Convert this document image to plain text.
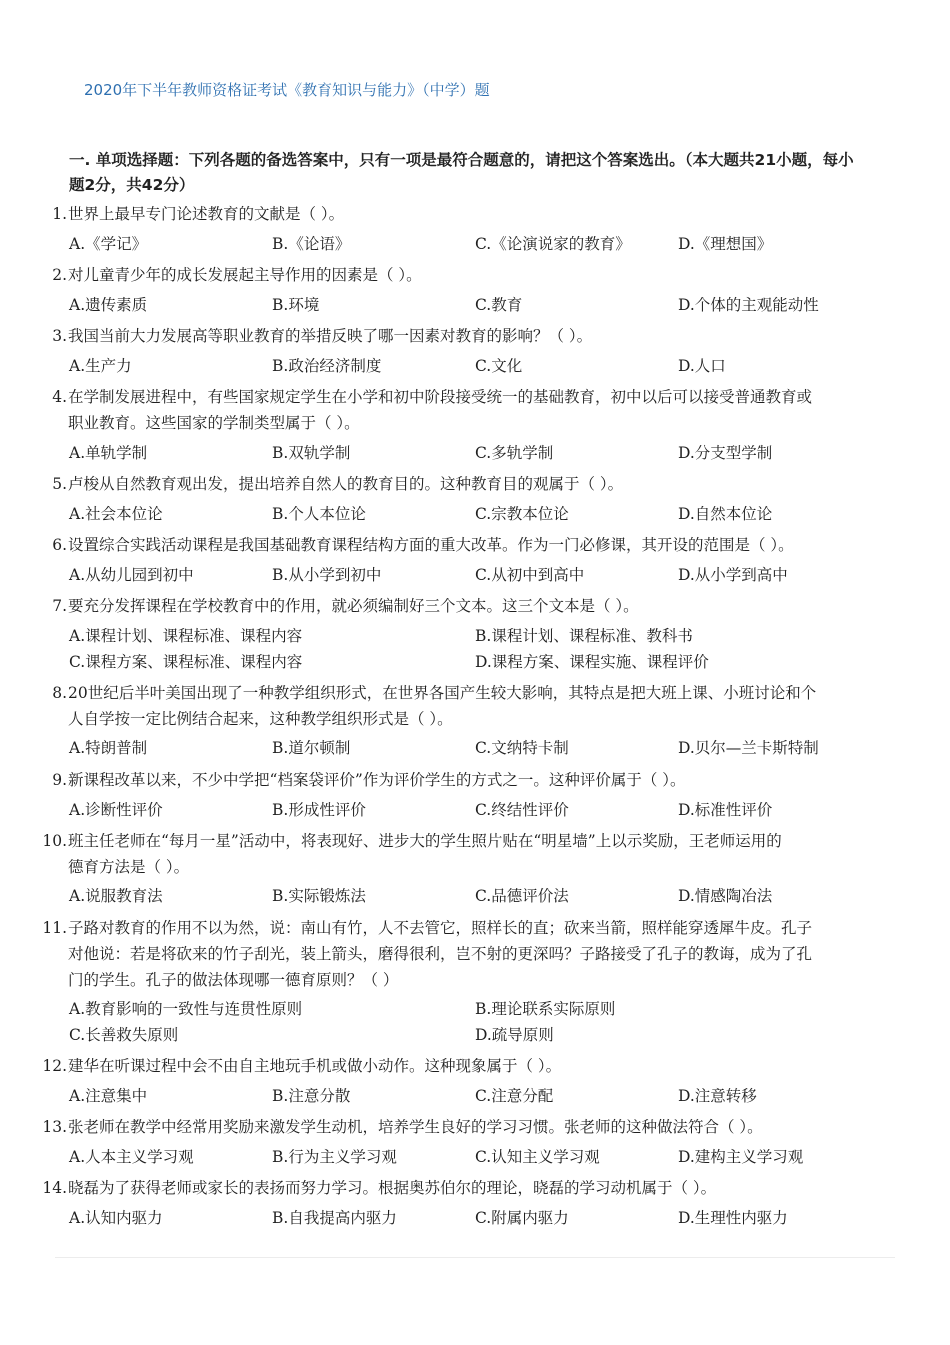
2020年下半年教师资格证考试《教育知识与能力》（中学）题
一. 单项选择题：下列各题的备选答案中，只有一项是最符合题意的，请把这个答案选出。（本大题共21小题，每小题2分，共42分）
1. 世界上最早专门论述教育的文献是（ ）。
A.《学记》	B.《论语》	C.《论演说家的教育》	D.《理想国》
2. 对儿童青少年的成长发展起主导作用的因素是（ ）。
A.遗传素质	B.环境	C.教育	D.个体的主观能动性
3. 我国当前大力发展高等职业教育的举措反映了哪一因素对教育的影响？（ ）。
A.生产力	B.政治经济制度	C.文化	D.人口
4. 在学制发展进程中，有些国家规定学生在小学和初中阶段接受统一的基础教育，初中以后可以接受普通教育或
职业教育。这些国家的学制类型属于（ ）。
A.单轨学制	B.双轨学制	C.多轨学制	D.分支型学制
5. 卢梭从自然教育观出发，提出培养自然人的教育目的。这种教育目的观属于（ ）。
A.社会本位论	B.个人本位论	C.宗教本位论	D.自然本位论
6. 设置综合实践活动课程是我国基础教育课程结构方面的重大改革。作为一门必修课，其开设的范围是（ ）。
A.从幼儿园到初中	B.从小学到初中	C.从初中到高中	D.从小学到高中
7. 要充分发挥课程在学校教育中的作用，就必须编制好三个文本。这三个文本是（ ）。
A.课程计划、课程标准、课程内容	B.课程计划、课程标准、教科书
C.课程方案、课程标准、课程内容	D.课程方案、课程实施、课程评价
8. 20世纪后半叶美国出现了一种教学组织形式，在世界各国产生较大影响，其特点是把大班上课、小班讨论和个
人自学按一定比例结合起来，这种教学组织形式是（ ）。
A.特朗普制	B.道尔顿制	C.文纳特卡制	D.贝尔—兰卡斯特制
9. 新课程改革以来，不少中学把“档案袋评价”作为评价学生的方式之一。这种评价属于（ ）。
A.诊断性评价	B.形成性评价	C.终结性评价	D.标准性评价
10. 班主任老师在“每月一星”活动中，将表现好、进步大的学生照片贴在“明星墙”上以示奖励，王老师运用的
德育方法是（ ）。
A.说服教育法	B.实际锻炼法	C.品德评价法	D.情感陶冶法
11. 子路对教育的作用不以为然，说：南山有竹，人不去管它，照样长的直；砍来当箭，照样能穿透犀牛皮。孔子
对他说：若是将砍来的竹子刮光，装上箭头，磨得很利，岂不射的更深吗？子路接受了孔子的教诲，成为了孔
门的学生。孔子的做法体现哪一德育原则？（ ）
A.教育影响的一致性与连贯性原则	B.理论联系实际原则
C.长善救失原则	D.疏导原则
12. 建华在听课过程中会不由自主地玩手机或做小动作。这种现象属于（ ）。
A.注意集中	B.注意分散	C.注意分配	D.注意转移
13. 张老师在教学中经常用奖励来激发学生动机，培养学生良好的学习习惯。张老师的这种做法符合（ ）。
A.人本主义学习观	B.行为主义学习观	C.认知主义学习观	D.建构主义学习观
14. 晓磊为了获得老师或家长的表扬而努力学习。根据奥苏伯尔的理论，晓磊的学习动机属于（ ）。
A.认知内驱力	B.自我提高内驱力	C.附属内驱力	D.生理性内驱力
